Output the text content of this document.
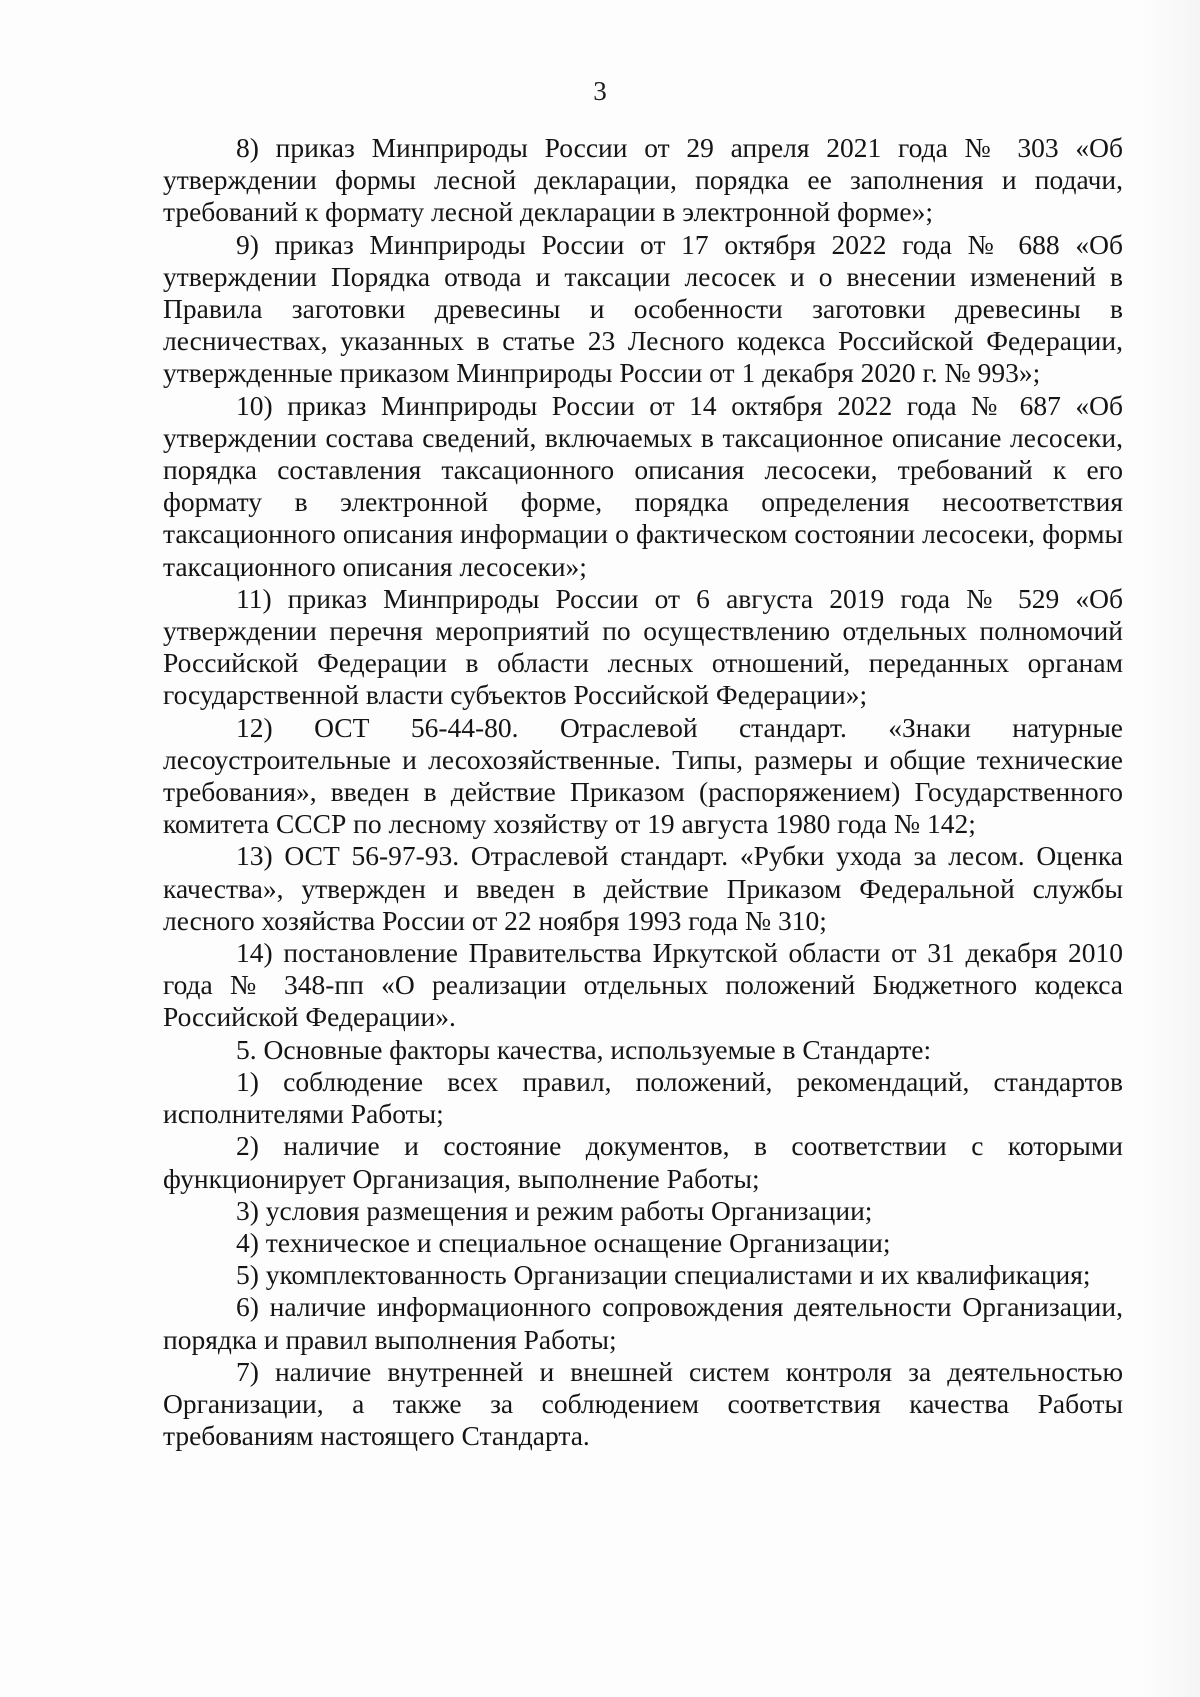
3

8) приказ Минприроды России от 29 апреля 2021 года № 303 «Об утверждении формы лесной декларации, порядка ее заполнения и подачи, требований к формату лесной декларации в электронной форме»;

9) приказ Минприроды России от 17 октября 2022 года № 688 «Об утверждении Порядка отвода и таксации лесосек и о внесении изменений в Правила заготовки древесины и особенности заготовки древесины в лесничествах, указанных в статье 23 Лесного кодекса Российской Федерации, утвержденные приказом Минприроды России от 1 декабря 2020 г. № 993»;

10) приказ Минприроды России от 14 октября 2022 года № 687 «Об утверждении состава сведений, включаемых в таксационное описание лесосеки, порядка составления таксационного описания лесосеки, требований к его формату в электронной форме, порядка определения несоответствия таксационного описания информации о фактическом состоянии лесосеки, формы таксационного описания лесосеки»;

11) приказ Минприроды России от 6 августа 2019 года № 529 «Об утверждении перечня мероприятий по осуществлению отдельных полномочий Российской Федерации в области лесных отношений, переданных органам государственной власти субъектов Российской Федерации»;

12) ОСТ 56-44-80. Отраслевой стандарт. «Знаки натурные лесоустроительные и лесохозяйственные. Типы, размеры и общие технические требования», введен в действие Приказом (распоряжением) Государственного комитета СССР по лесному хозяйству от 19 августа 1980 года № 142;

13) ОСТ 56-97-93. Отраслевой стандарт. «Рубки ухода за лесом. Оценка качества», утвержден и введен в действие Приказом Федеральной службы лесного хозяйства России от 22 ноября 1993 года № 310;

14) постановление Правительства Иркутской области от 31 декабря 2010 года № 348-пп «О реализации отдельных положений Бюджетного кодекса Российской Федерации».

5. Основные факторы качества, используемые в Стандарте:

1) соблюдение всех правил, положений, рекомендаций, стандартов исполнителями Работы;

2) наличие и состояние документов, в соответствии с которыми функционирует Организация, выполнение Работы;

3) условия размещения и режим работы Организации;

4) техническое и специальное оснащение Организации;

5) укомплектованность Организации специалистами и их квалификация;

6) наличие информационного сопровождения деятельности Организации, порядка и правил выполнения Работы;

7) наличие внутренней и внешней систем контроля за деятельностью Организации, а также за соблюдением соответствия качества Работы требованиям настоящего Стандарта.
